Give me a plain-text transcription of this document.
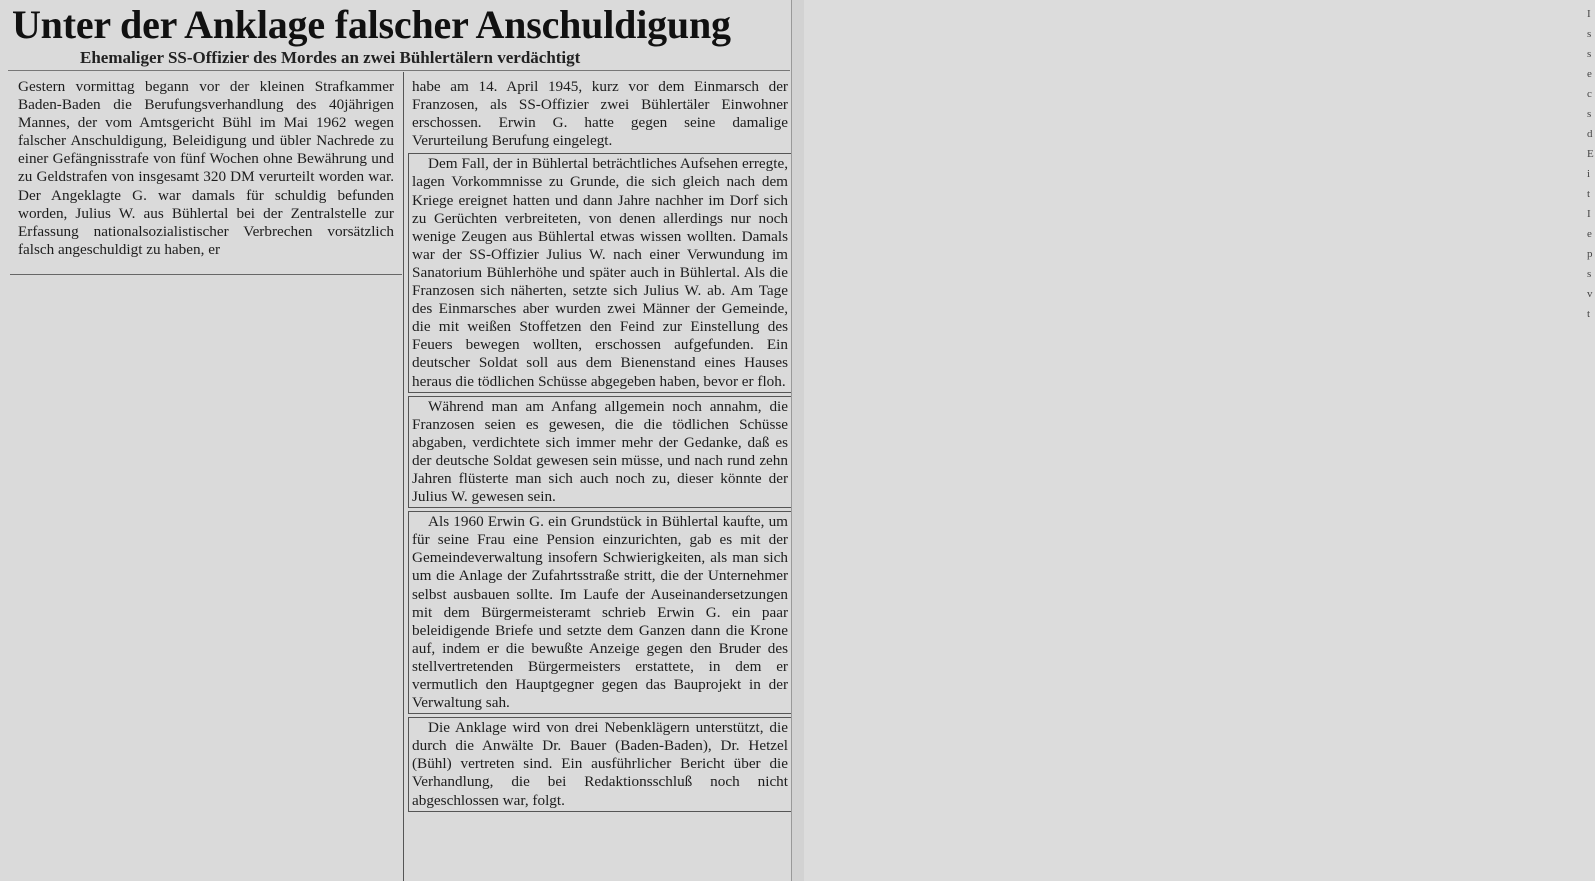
Unter der Anklage falscher Anschuldigung
Ehemaliger SS-Offizier des Mordes an zwei Bühlertälern verdächtigt

Gestern vormittag begann vor der kleinen Strafkammer Baden-Baden die Berufungsverhandlung des 40jährigen Mannes, der vom Amtsgericht Bühl im Mai 1962 wegen falscher Anschuldigung, Beleidigung und übler Nachrede zu einer Gefängnisstrafe von fünf Wochen ohne Bewährung und zu Geldstrafen von insgesamt 320 DM verurteilt worden war. Der Angeklagte G. war damals für schuldig befunden worden, Julius W. aus Bühlertal bei der Zentralstelle zur Erfassung nationalsozialistischer Verbrechen vorsätzlich falsch angeschuldigt zu haben, er

habe am 14. April 1945, kurz vor dem Einmarsch der Franzosen, als SS-Offizier zwei Bühlertäler Einwohner erschossen. Erwin G. hatte gegen seine damalige Verurteilung Berufung eingelegt.

Dem Fall, der in Bühlertal beträchtliches Aufsehen erregte, lagen Vorkommnisse zu Grunde, die sich gleich nach dem Kriege ereignet hatten und dann Jahre nachher im Dorf sich zu Gerüchten verbreiteten, von denen allerdings nur noch wenige Zeugen aus Bühlertal etwas wissen wollten. Damals war der SS-Offizier Julius W. nach einer Verwundung im Sanatorium Bühlerhöhe und später auch in Bühlertal. Als die Franzosen sich näherten, setzte sich Julius W. ab. Am Tage des Einmarsches aber wurden zwei Männer der Gemeinde, die mit weißen Stoffetzen den Feind zur Einstellung des Feuers bewegen wollten, erschossen aufgefunden. Ein deutscher Soldat soll aus dem Bienenstand eines Hauses heraus die tödlichen Schüsse abgegeben haben, bevor er floh.

Während man am Anfang allgemein noch annahm, die Franzosen seien es gewesen, die die tödlichen Schüsse abgaben, verdichtete sich immer mehr der Gedanke, daß es der deutsche Soldat gewesen sein müsse, und nach rund zehn Jahren flüsterte man sich auch noch zu, dieser könnte der Julius W. gewesen sein.

Als 1960 Erwin G. ein Grundstück in Bühlertal kaufte, um für seine Frau eine Pension einzurichten, gab es mit der Gemeindeverwaltung insofern Schwierigkeiten, als man sich um die Anlage der Zufahrtsstraße stritt, die der Unternehmer selbst ausbauen sollte. Im Laufe der Auseinandersetzungen mit dem Bürgermeisteramt schrieb Erwin G. ein paar beleidigende Briefe und setzte dem Ganzen dann die Krone auf, indem er die bewußte Anzeige gegen den Bruder des stellvertretenden Bürgermeisters erstattete, in dem er vermutlich den Hauptgegner gegen das Bauprojekt in der Verwaltung sah.

Die Anklage wird von drei Nebenklägern unterstützt, die durch die Anwälte Dr. Bauer (Baden-Baden), Dr. Hetzel (Bühl) vertreten sind. Ein ausführlicher Bericht über die Verhandlung, die bei Redaktionsschluß noch nicht abgeschlossen war, folgt.

I
s
s
e
c
s
d
E
i
t
I
e
p
s
v
t
